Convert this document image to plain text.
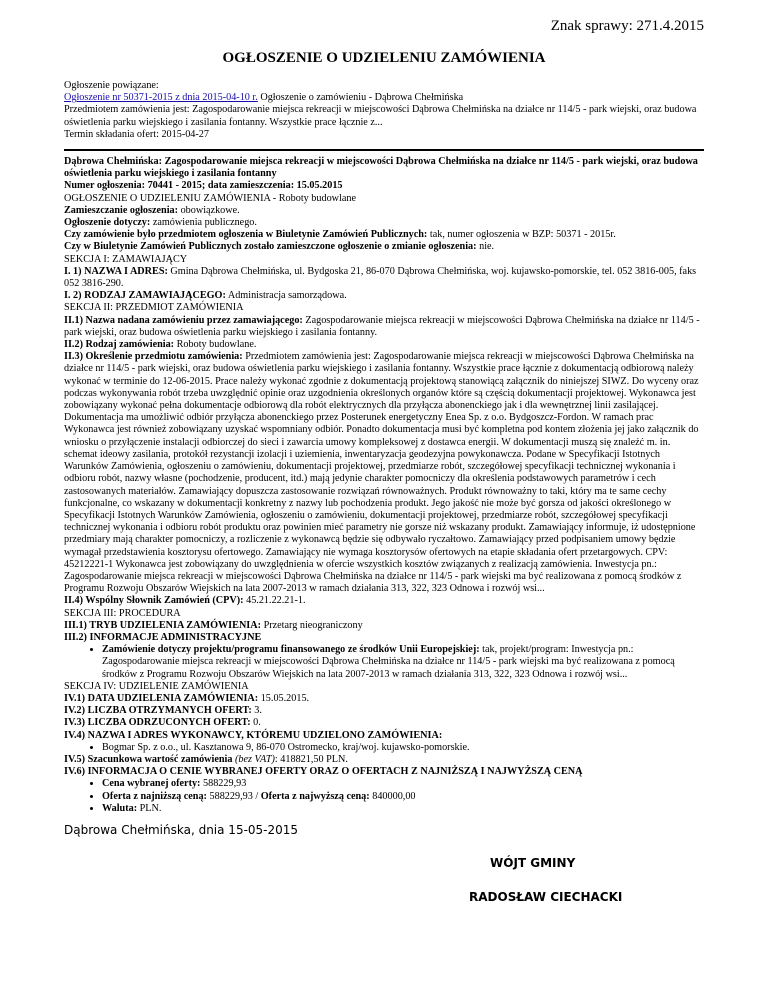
Znak sprawy: 271.4.2015
OGŁOSZENIE O UDZIELENIU ZAMÓWIENIA

Ogłoszenie powiązane:

Ogłoszenie nr 50371-2015 z dnia 2015-04-10 r. Ogłoszenie o zamówieniu - Dąbrowa Chełmińska

Przedmiotem zamówienia jest: Zagospodarowanie miejsca rekreacji w miejscowości Dąbrowa Chełmińska na działce nr 114/5 - park wiejski, oraz budowa oświetlenia parku wiejskiego i zasilania fontanny. Wszystkie prace łącznie z...

Termin składania ofert: 2015-04-27

Dąbrowa Chełmińska: Zagospodarowanie miejsca rekreacji w miejscowości Dąbrowa Chełmińska na działce nr 114/5 - park wiejski, oraz budowa oświetlenia parku wiejskiego i zasilania fontanny

Numer ogłoszenia: 70441 - 2015; data zamieszczenia: 15.05.2015

OGŁOSZENIE O UDZIELENIU ZAMÓWIENIA - Roboty budowlane

Zamieszczanie ogłoszenia: obowiązkowe.

Ogłoszenie dotyczy: zamówienia publicznego.

Czy zamówienie było przedmiotem ogłoszenia w Biuletynie Zamówień Publicznych: tak, numer ogłoszenia w BZP: 50371 - 2015r.

Czy w Biuletynie Zamówień Publicznych zostało zamieszczone ogłoszenie o zmianie ogłoszenia: nie.

SEKCJA I: ZAMAWIAJĄCY

I. 1) NAZWA I ADRES: Gmina Dąbrowa Chełmińska, ul. Bydgoska 21, 86-070 Dąbrowa Chełmińska, woj. kujawsko-pomorskie, tel. 052 3816-005, faks 052 3816-290.

I. 2) RODZAJ ZAMAWIAJĄCEGO: Administracja samorządowa.

SEKCJA II: PRZEDMIOT ZAMÓWIENIA

II.1) Nazwa nadana zamówieniu przez zamawiającego: Zagospodarowanie miejsca rekreacji w miejscowości Dąbrowa Chełmińska na działce nr 114/5 - park wiejski, oraz budowa oświetlenia parku wiejskiego i zasilania fontanny.

II.2) Rodzaj zamówienia: Roboty budowlane.

II.3) Określenie przedmiotu zamówienia: Przedmiotem zamówienia jest: Zagospodarowanie miejsca rekreacji w miejscowości Dąbrowa Chełmińska na działce nr 114/5 - park wiejski, oraz budowa oświetlenia parku wiejskiego i zasilania fontanny. Wszystkie prace łącznie z dokumentacją odbiorową należy wykonać w terminie do 12-06-2015. Prace należy wykonać zgodnie z dokumentacją projektową stanowiącą załącznik do niniejszej SIWZ. Do wyceny oraz podczas wykonywania robót trzeba uwzględnić opinie oraz uzgodnienia określonych organów które są częścią dokumentacji projektowej. Wykonawca jest zobowiązany wykonać pełna dokumentacje odbiorową dla robót elektrycznych dla przyłącza abonenckiego jak i dla wewnętrznej linii zasilającej. Dokumentacja ma umożliwić odbiór przyłącza abonenckiego przez Posterunek energetyczny Enea Sp. z o.o. Bydgoszcz-Fordon. W ramach prac Wykonawca jest również zobowiązany uzyskać wspomniany odbiór. Ponadto dokumentacja musi być kompletna pod kontem złożenia jej jako załącznik do wniosku o przyłączenie instalacji odbiorczej do sieci i zawarcia umowy kompleksowej z dostawca energii. W dokumentacji muszą się znaleźć m. in. schemat ideowy zasilania, protokół rezystancji izolacji i uziemienia, inwentaryzacja geodezyjna powykonawcza. Podane w Specyfikacji Istotnych Warunków Zamówienia, ogłoszeniu o zamówieniu, dokumentacji projektowej, przedmiarze robót, szczegółowej specyfikacji technicznej wykonania i odbioru robót, nazwy własne (pochodzenie, producent, itd.) mają jedynie charakter pomocniczy dla określenia podstawowych parametrów i cech zastosowanych materiałów. Zamawiający dopuszcza zastosowanie rozwiązań równoważnych. Produkt równoważny to taki, który ma te same cechy funkcjonalne, co wskazany w dokumentacji konkretny z nazwy lub pochodzenia produkt. Jego jakość nie może być gorsza od jakości określonego w Specyfikacji Istotnych Warunków Zamówienia, ogłoszeniu o zamówieniu, dokumentacji projektowej, przedmiarze robót, szczegółowej specyfikacji technicznej wykonania i odbioru robót produktu oraz powinien mieć parametry nie gorsze niż wskazany produkt. Zamawiający informuje, iż udostępnione przedmiary mają charakter pomocniczy, a rozliczenie z wykonawcą będzie się odbywało ryczałtowo. Zamawiający przed podpisaniem umowy będzie wymagał przedstawienia kosztorysu ofertowego. Zamawiający nie wymaga kosztorysów ofertowych na etapie składania ofert przetargowych. CPV: 45212221-1 Wykonawca jest zobowiązany do uwzględnienia w ofercie wszystkich kosztów związanych z realizacją zamówienia. Inwestycja pn.: Zagospodarowanie miejsca rekreacji w miejscowości Dąbrowa Chełmińska na działce nr 114/5 - park wiejski ma być realizowana z pomocą środków z Programu Rozwoju Obszarów Wiejskich na lata 2007-2013 w ramach działania 313, 322, 323 Odnowa i rozwój wsi...

II.4) Wspólny Słownik Zamówień (CPV): 45.21.22.21-1.

SEKCJA III: PROCEDURA

III.1) TRYB UDZIELENIA ZAMÓWIENIA: Przetarg nieograniczony

III.2) INFORMACJE ADMINISTRACYJNE

• Zamówienie dotyczy projektu/programu finansowanego ze środków Unii Europejskiej: tak, projekt/program: Inwestycja pn.: Zagospodarowanie miejsca rekreacji w miejscowości Dąbrowa Chełmińska na działce nr 114/5 - park wiejski ma być realizowana z pomocą środków z Programu Rozwoju Obszarów Wiejskich na lata 2007-2013 w ramach działania 313, 322, 323 Odnowa i rozwój wsi...

SEKCJA IV: UDZIELENIE ZAMÓWIENIA

IV.1) DATA UDZIELENIA ZAMÓWIENIA: 15.05.2015.

IV.2) LICZBA OTRZYMANYCH OFERT: 3.

IV.3) LICZBA ODRZUCONYCH OFERT: 0.

IV.4) NAZWA I ADRES WYKONAWCY, KTÓREMU UDZIELONO ZAMÓWIENIA:

• Bogmar Sp. z o.o., ul. Kasztanowa 9, 86-070 Ostromecko, kraj/woj. kujawsko-pomorskie.

IV.5) Szacunkowa wartość zamówienia (bez VAT): 418821,50 PLN.

IV.6) INFORMACJA O CENIE WYBRANEJ OFERTY ORAZ O OFERTACH Z NAJNIŻSZĄ I NAJWYŻSZĄ CENĄ

• Cena wybranej oferty: 588229,93
• Oferta z najniższą ceną: 588229,93 / Oferta z najwyższą ceną: 840000,00
• Waluta: PLN.
Dąbrowa Chełmińska, dnia 15-05-2015
WÓJT GMINY
RADOSŁAW CIECHACKI
